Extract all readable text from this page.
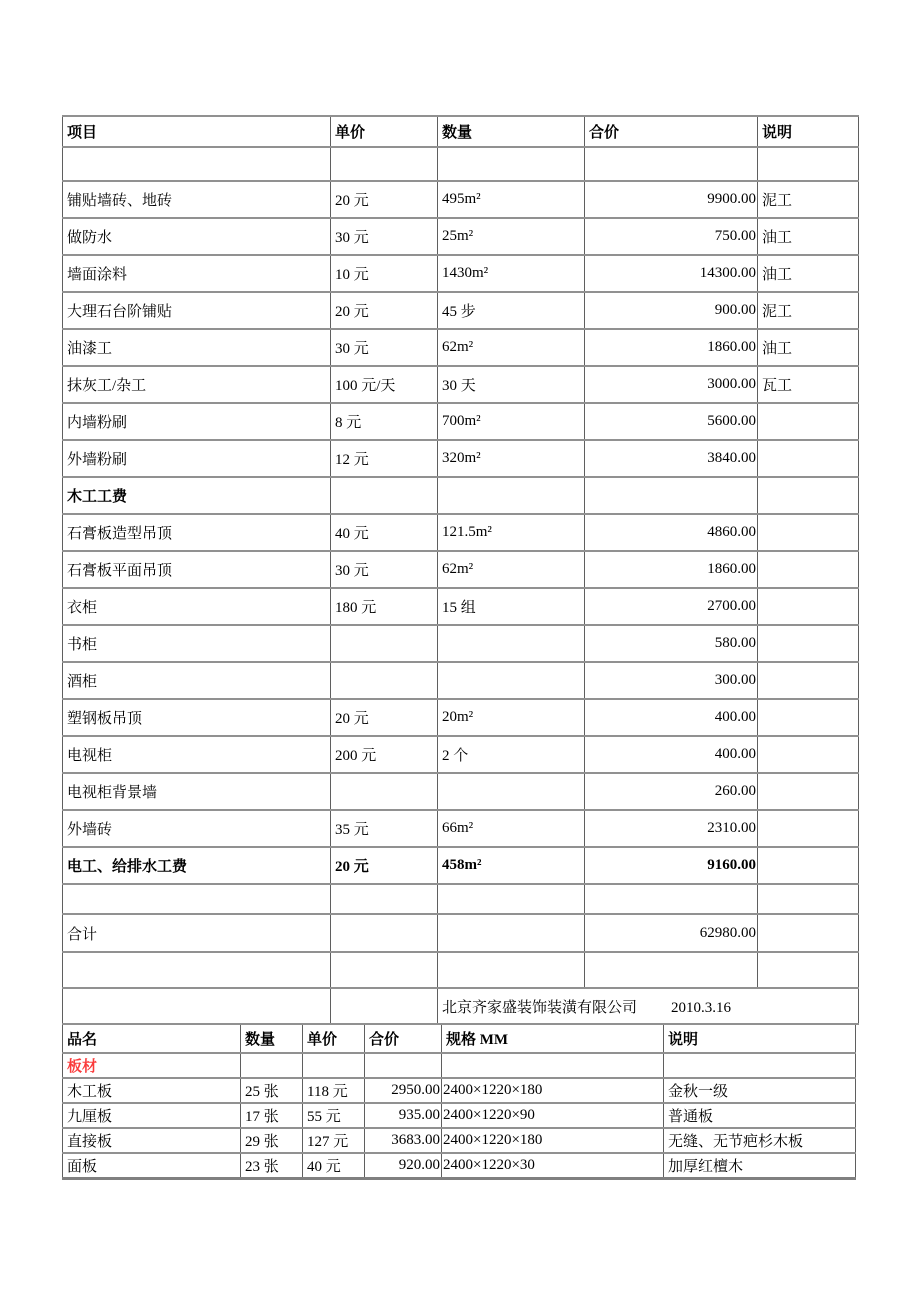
项目	单价	数量	合价	说明

铺贴墙砖、地砖	20 元	495m²	9900.00	泥工
做防水	30 元	25m²	750.00	油工
墙面涂料	10 元	1430m²	14300.00	油工
大理石台阶铺贴	20 元	45 步	900.00	泥工
油漆工	30 元	62m²	1860.00	油工
抹灰工/杂工	100 元/天	30 天	3000.00	瓦工
内墙粉刷	8 元	700m²	5600.00	
外墙粉刷	12 元	320m²	3840.00	
木工工费				
石膏板造型吊顶	40 元	121.5m²	4860.00	
石膏板平面吊顶	30 元	62m²	1860.00	
衣柜	180 元	15 组	2700.00	
书柜			580.00	
酒柜			300.00	
塑钢板吊顶	20 元	20m²	400.00	
电视柜	200 元	2 个	400.00	
电视柜背景墙			260.00	
外墙砖	35 元	66m²	2310.00	
电工、给排水工费	20 元	458m²	9160.00	

合计			62980.00	

		北京齐家盛装饰装潢有限公司 2010.3.16		
品名	数量	单价	合价	规格 MM	说明
板材					
木工板	25 张	118 元	2950.00	2400×1220×180	金秋一级
九厘板	17 张	55 元	935.00	2400×1220×90	普通板
直接板	29 张	127 元	3683.00	2400×1220×180	无缝、无节疤杉木板
面板	23 张	40 元	920.00	2400×1220×30	加厚红檀木
